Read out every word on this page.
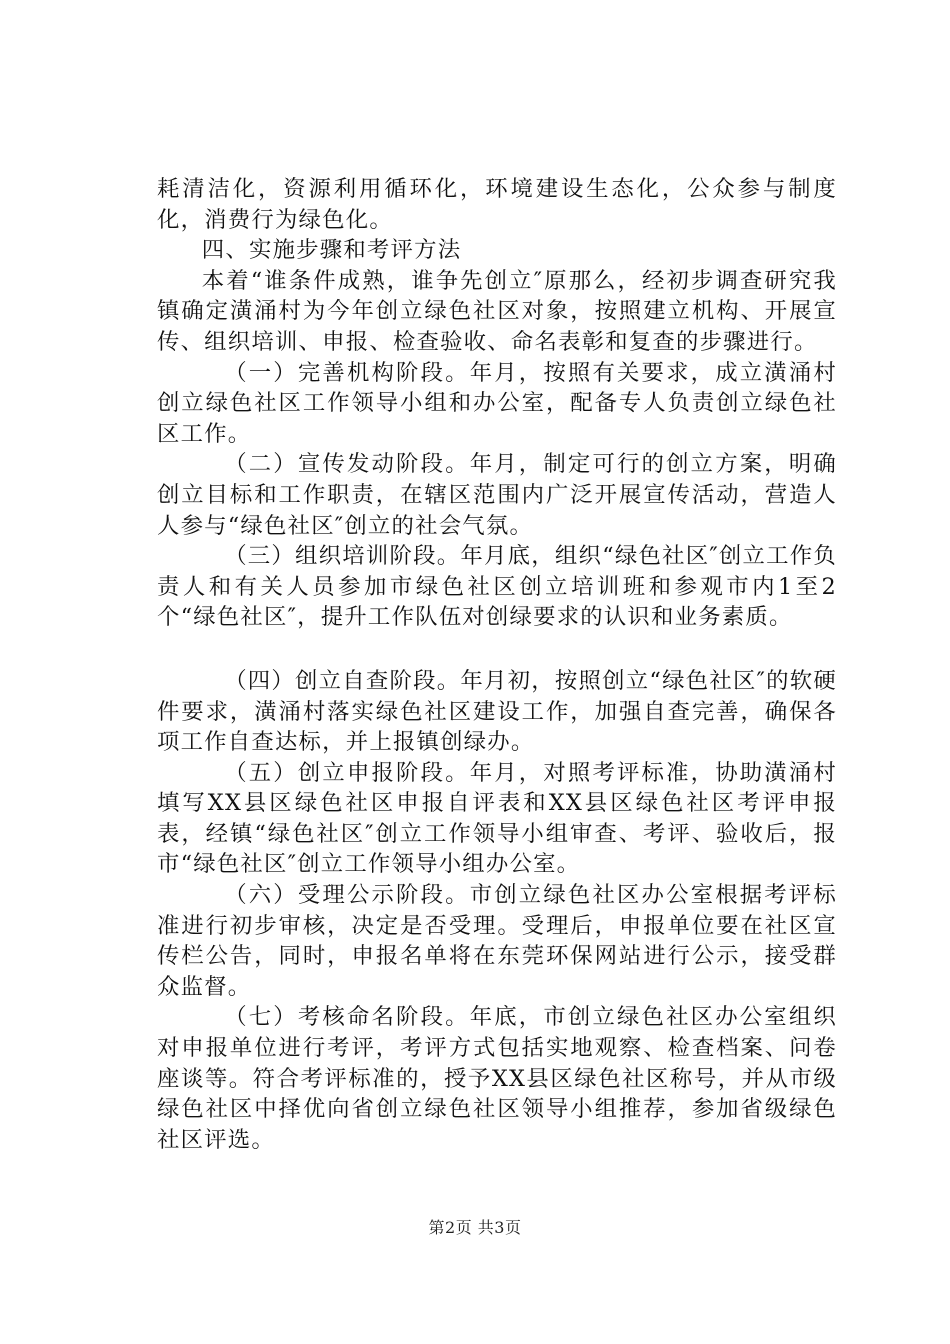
耗清洁化，资源利用循环化，环境建设生态化，公众参与制度化，消费行为绿色化。

四、实施步骤和考评方法

本着“谁条件成熟，谁争先创立″原那么，经初步调查研究我镇确定潢涌村为今年创立绿色社区对象，按照建立机构、开展宣传、组织培训、申报、检查验收、命名表彰和复查的步骤进行。

（一）完善机构阶段。年月，按照有关要求，成立潢涌村创立绿色社区工作领导小组和办公室，配备专人负责创立绿色社区工作。

（二）宣传发动阶段。年月，制定可行的创立方案，明确创立目标和工作职责，在辖区范围内广泛开展宣传活动，营造人人参与“绿色社区″创立的社会气氛。

（三）组织培训阶段。年月底，组织“绿色社区″创立工作负责人和有关人员参加市绿色社区创立培训班和参观市内1至2个“绿色社区″，提升工作队伍对创绿要求的认识和业务素质。

（四）创立自查阶段。年月初，按照创立“绿色社区″的软硬件要求，潢涌村落实绿色社区建设工作，加强自查完善，确保各项工作自查达标，并上报镇创绿办。

（五）创立申报阶段。年月，对照考评标准，协助潢涌村填写XX县区绿色社区申报自评表和XX县区绿色社区考评申报表，经镇“绿色社区″创立工作领导小组审查、考评、验收后，报市“绿色社区″创立工作领导小组办公室。

（六）受理公示阶段。市创立绿色社区办公室根据考评标准进行初步审核，决定是否受理。受理后，申报单位要在社区宣传栏公告，同时，申报名单将在东莞环保网站进行公示，接受群众监督。

（七）考核命名阶段。年底，市创立绿色社区办公室组织对申报单位进行考评，考评方式包括实地观察、检查档案、问卷座谈等。符合考评标准的，授予XX县区绿色社区称号，并从市级绿色社区中择优向省创立绿色社区领导小组推荐，参加省级绿色社区评选。

第2页 共3页
